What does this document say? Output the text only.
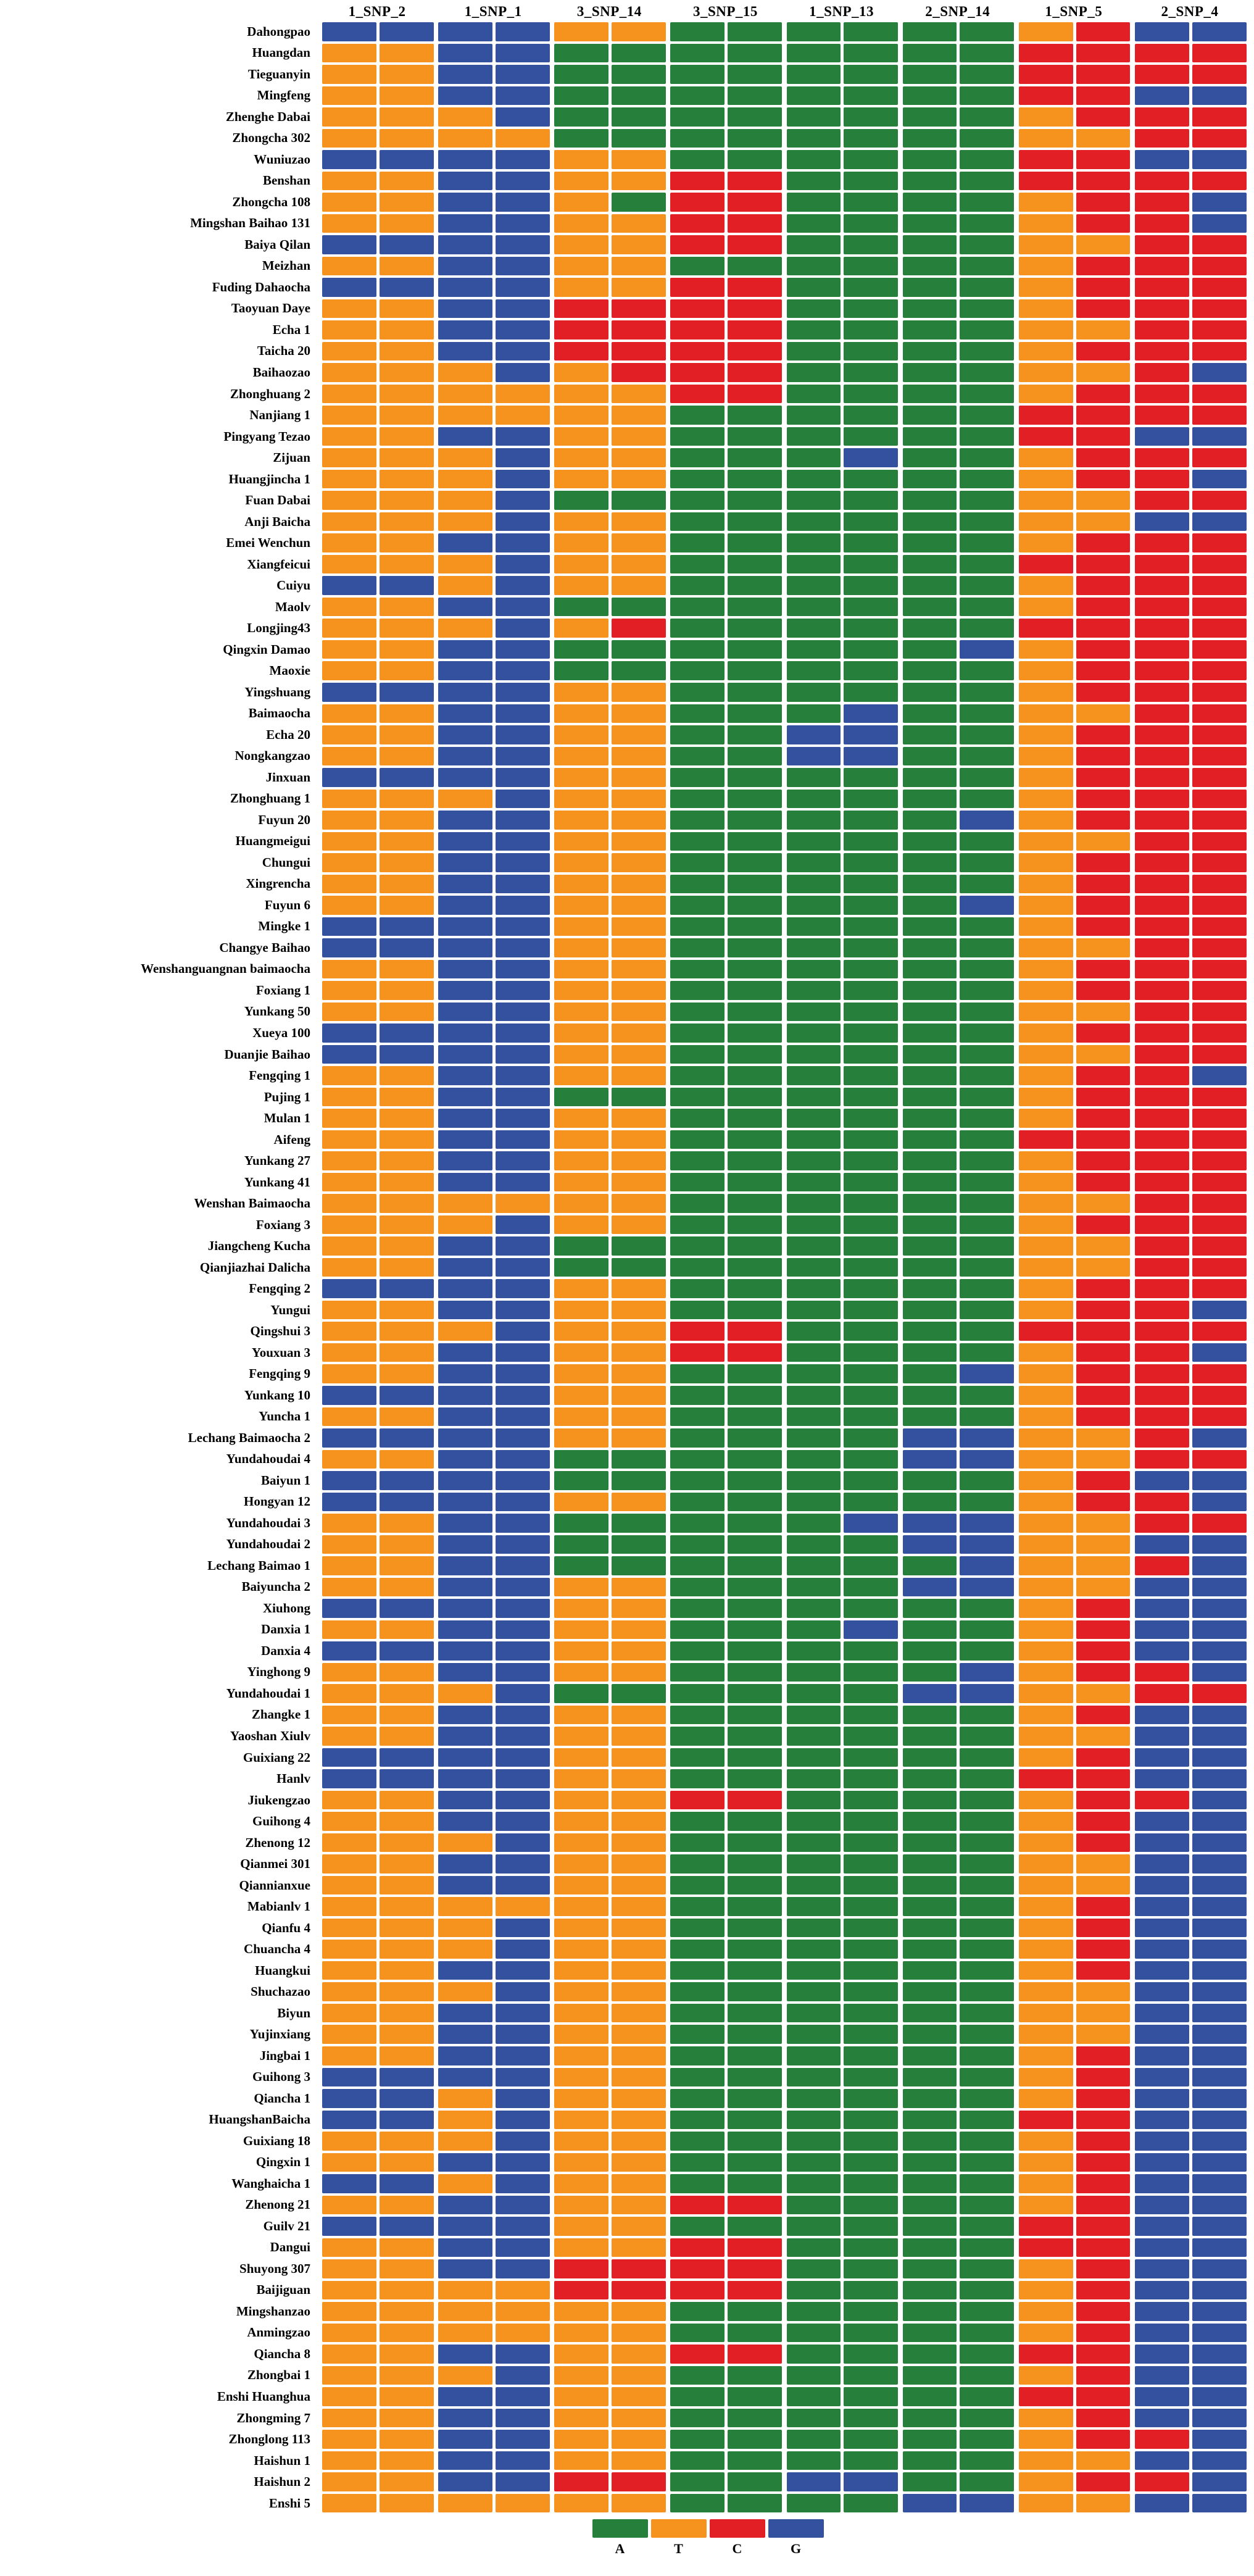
1_SNP_2	1_SNP_1	3_SNP_14	3_SNP_15	1_SNP_13	2_SNP_14	1_SNP_5	2_SNP_4
Dahongpao
Huangdan
Tieguanyin
Mingfeng
Zhenghe Dabai
Zhongcha 302
Wuniuzao
Benshan
Zhongcha 108
Mingshan Baihao 131
Baiya Qilan
Meizhan
Fuding Dahaocha
Taoyuan Daye
Echa 1
Taicha 20
Baihaozao
Zhonghuang 2
Nanjiang 1
Pingyang Tezao
Zijuan
Huangjincha 1
Fuan Dabai
Anji Baicha
Emei Wenchun
Xiangfeicui
Cuiyu
Maolv
Longjing43
Qingxin Damao
Maoxie
Yingshuang
Baimaocha
Echa 20
Nongkangzao
Jinxuan
Zhonghuang 1
Fuyun 20
Huangmeigui
Chungui
Xingrencha
Fuyun 6
Mingke 1
Changye Baihao
Wenshanguangnan baimaocha
Foxiang 1
Yunkang 50
Xueya 100
Duanjie Baihao
Fengqing 1
Pujing 1
Mulan 1
Aifeng
Yunkang 27
Yunkang 41
Wenshan Baimaocha
Foxiang 3
Jiangcheng Kucha
Qianjiazhai Dalicha
Fengqing 2
Yungui
Qingshui 3
Youxuan 3
Fengqing 9
Yunkang 10
Yuncha 1
Lechang Baimaocha 2
Yundahoudai 4
Baiyun 1
Hongyan 12
Yundahoudai 3
Yundahoudai 2
Lechang Baimao 1
Baiyuncha 2
Xiuhong
Danxia 1
Danxia 4
Yinghong 9
Yundahoudai 1
Zhangke 1
Yaoshan Xiulv
Guixiang 22
Hanlv
Jiukengzao
Guihong 4
Zhenong 12
Qianmei 301
Qiannianxue
Mabianlv 1
Qianfu 4
Chuancha 4
Huangkui
Shuchazao
Biyun
Yujinxiang
Jingbai 1
Guihong 3
Qiancha 1
HuangshanBaicha
Guixiang 18
Qingxin 1
Wanghaicha 1
Zhenong 21
Guilv 21
Dangui
Shuyong 307
Baijiguan
Mingshanzao
Anmingzao
Qiancha 8
Zhongbai 1
Enshi Huanghua
Zhongming 7
Zhonglong 113
Haishun 1
Haishun 2
Enshi 5
A	T	C	G
